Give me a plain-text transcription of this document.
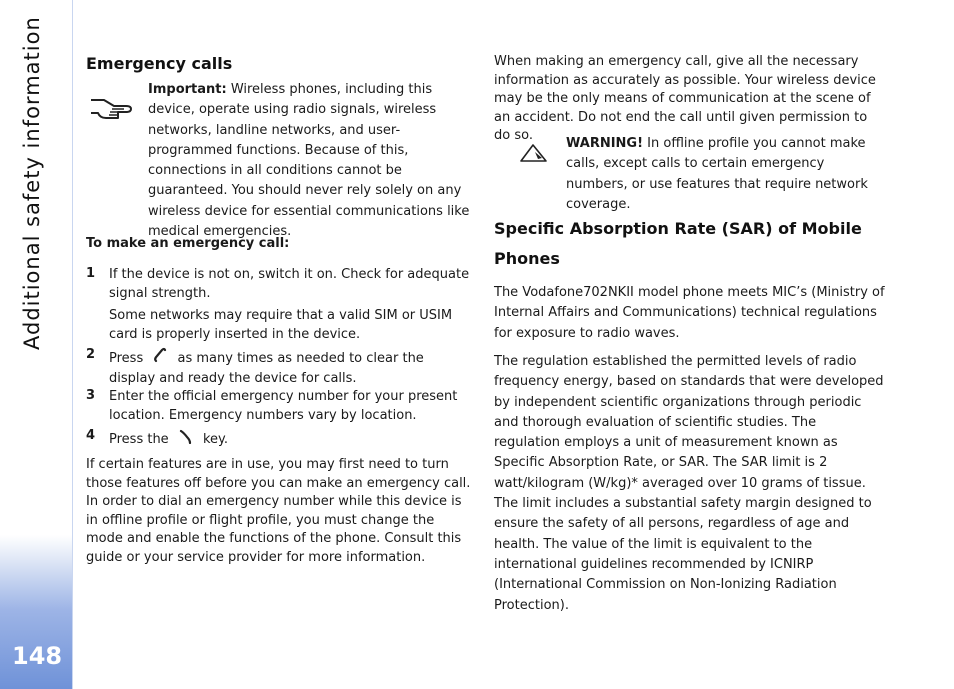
Additional safety information
148
Emergency calls
Important: Wireless phones, including this device, operate using radio signals, wireless networks, landline networks, and user-programmed functions. Because of this, connections in all conditions cannot be guaranteed. You should never rely solely on any wireless device for essential communications like medical emergencies.
To make an emergency call:
1 If the device is not on, switch it on. Check for adequate signal strength.
Some networks may require that a valid SIM or USIM card is properly inserted in the device.
2 Press	as many times as needed to clear the display and ready the device for calls.
3 Enter the official emergency number for your present location. Emergency numbers vary by location.
4 Press the	key.

If certain features are in use, you may first need to turn those features off before you can make an emergency call. In order to dial an emergency number while this device is in offline profile or flight profile, you must change the mode and enable the functions of the phone. Consult this guide or your service provider for more information.

When making an emergency call, give all the necessary information as accurately as possible. Your wireless device may be the only means of communication at the scene of an accident. Do not end the call until given permission to do so.

WARNING! In offline profile you cannot make calls, except calls to certain emergency numbers, or use features that require network coverage.
Specific Absorption Rate (SAR) of Mobile Phones

The Vodafone702NKII model phone meets MIC’s (Ministry of Internal Affairs and Communications) technical regulations for exposure to radio waves.

The regulation established the permitted levels of radio frequency energy, based on standards that were developed by independent scientific organizations through periodic and thorough evaluation of scientific studies. The regulation employs a unit of measurement known as Specific Absorption Rate, or SAR. The SAR limit is 2 watt/kilogram (W/kg)* averaged over 10 grams of tissue. The limit includes a substantial safety margin designed to ensure the safety of all persons, regardless of age and health. The value of the limit is equivalent to the international guidelines recommended by ICNIRP (International Commission on Non-Ionizing Radiation Protection).
